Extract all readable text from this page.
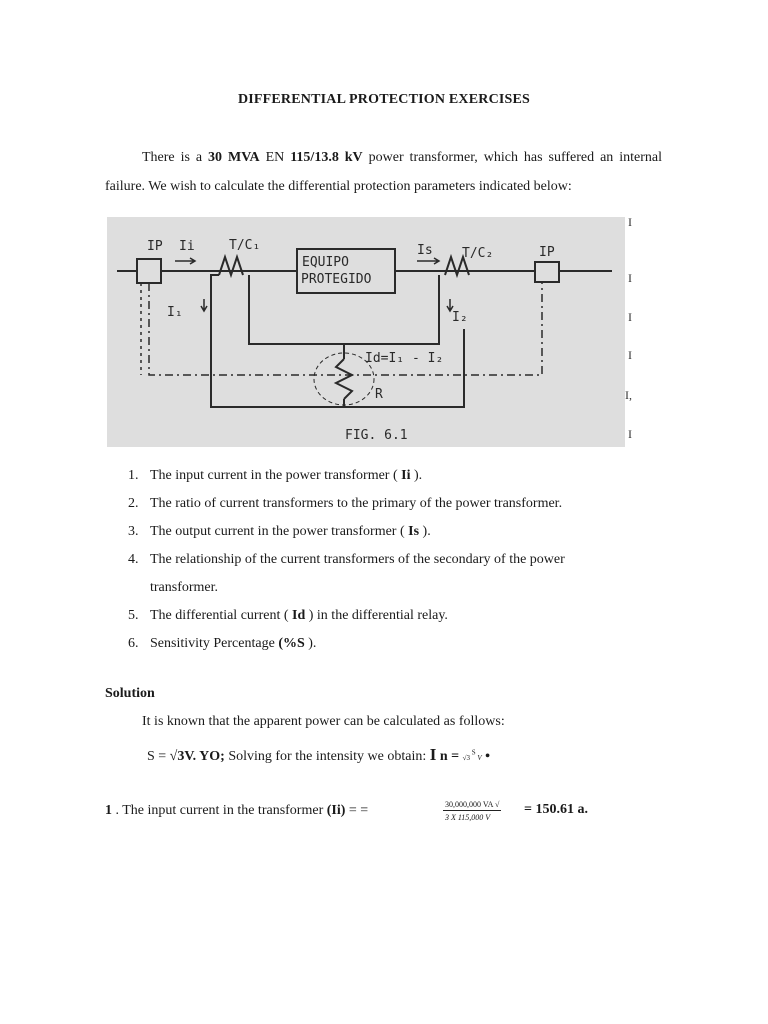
DIFFERENTIAL PROTECTION EXERCISES
There is a 30 MVA EN 115/13.8 kV power transformer, which has suffered an internal failure. We wish to calculate the differential protection parameters indicated below:
IP Ii	T/C₁
EQUIPO
PROTEGIDO
Is T/C₂	IP
I₁	I₂
Id=I₁ - I₂
R
FIG. 6.1
I
I
I
I
I,
I
1. The input current in the power transformer ( Ii ).
2. The ratio of current transformers to the primary of the power transformer.
3. The output current in the power transformer ( Is ).
4. The relationship of the current transformers of the secondary of the power
transformer.
5. The differential current ( Id ) in the differential relay.
6. Sensitivity Percentage (%S ).
Solution
It is known that the apparent power can be calculated as follows:
S = √3V. YO; Solving for the intensity we obtain: I n = √3 $^S$ V •
1 . The input current in the transformer (Ii) = =	$\frac{30,000,000 VA √}{3 X 115,000 V} = 150.61$ a.
